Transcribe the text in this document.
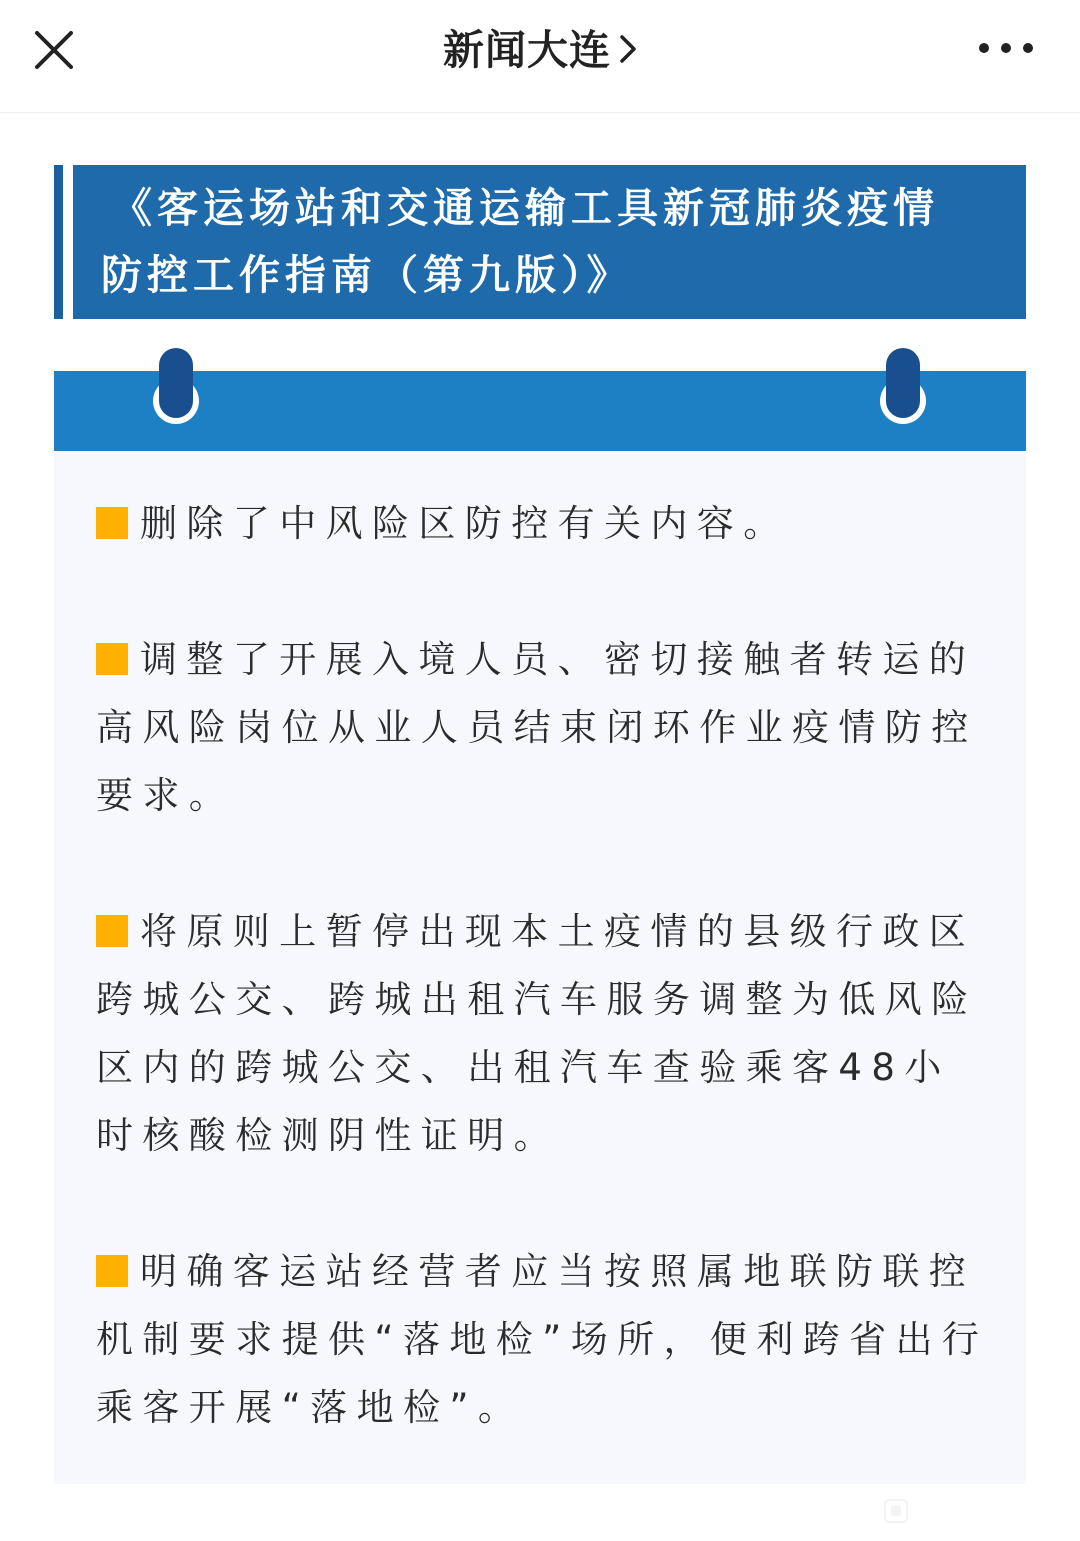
新闻大连
《客运场站和交通运输工具新冠肺炎疫情
防控工作指南（第九版）》
删除了中风险区防控有关内容。
调整了开展入境人员、密切接触者转运的高风险岗位从业人员结束闭环作业疫情防控要求。
将原则上暂停出现本土疫情的县级行政区跨城公交、跨城出租汽车服务调整为低风险区内的跨城公交、出租汽车查验乘客48小时核酸检测阴性证明。
明确客运站经营者应当按照属地联防联控机制要求提供“落地检”场所，便利跨省出行乘客开展“落地检”。
